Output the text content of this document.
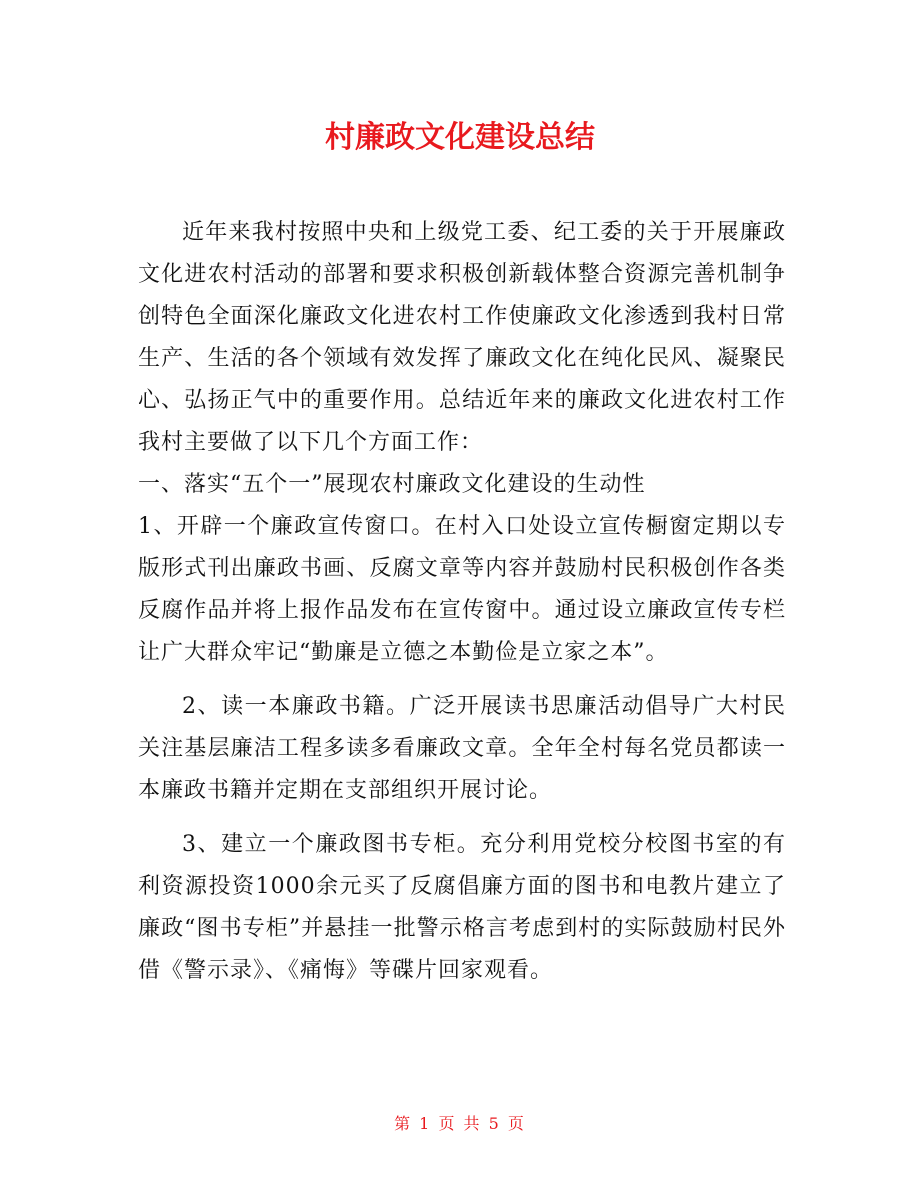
村廉政文化建设总结

近年来我村按照中央和上级党工委、纪工委的关于开展廉政文化进农村活动的部署和要求积极创新载体整合资源完善机制争创特色全面深化廉政文化进农村工作使廉政文化渗透到我村日常生产、生活的各个领域有效发挥了廉政文化在纯化民风、凝聚民心、弘扬正气中的重要作用。总结近年来的廉政文化进农村工作我村主要做了以下几个方面工作：

一、落实“五个一”展现农村廉政文化建设的生动性

1、开辟一个廉政宣传窗口。在村入口处设立宣传橱窗定期以专版形式刊出廉政书画、反腐文章等内容并鼓励村民积极创作各类反腐作品并将上报作品发布在宣传窗中。通过设立廉政宣传专栏让广大群众牢记“勤廉是立德之本勤俭是立家之本”。

2、读一本廉政书籍。广泛开展读书思廉活动倡导广大村民关注基层廉洁工程多读多看廉政文章。全年全村每名党员都读一本廉政书籍并定期在支部组织开展讨论。

3、建立一个廉政图书专柜。充分利用党校分校图书室的有利资源投资1000余元买了反腐倡廉方面的图书和电教片建立了廉政“图书专柜”并悬挂一批警示格言考虑到村的实际鼓励村民外借《警示录》、《痛悔》等碟片回家观看。

第 1 页 共 5 页
